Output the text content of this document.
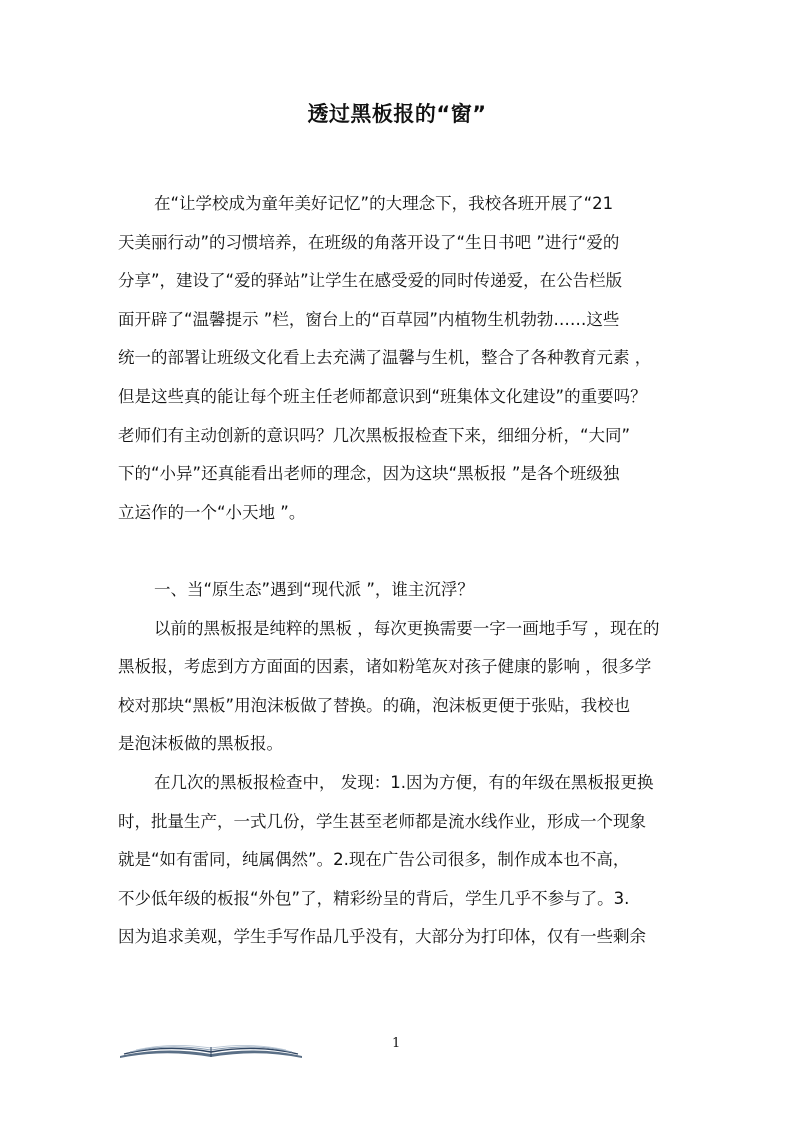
透过黑板报的“窗”
在“让学校成为童年美好记忆”的大理念下，我校各班开展了“21
天美丽行动”的习惯培养，在班级的角落开设了“生日书吧 ”进行“爱的
分享”，建设了“爱的驿站”让学生在感受爱的同时传递爱，在公告栏版
面开辟了“温馨提示 ”栏，窗台上的“百草园”内植物生机勃勃……这些
统一的部署让班级文化看上去充满了温馨与生机，整合了各种教育元素 ，
但是这些真的能让每个班主任老师都意识到“班集体文化建设”的重要吗？
老师们有主动创新的意识吗？几次黑板报检查下来，细细分析，“大同”
下的“小异”还真能看出老师的理念，因为这块“黑板报 ”是各个班级独
立运作的一个“小天地 ”。
一、当“原生态”遇到“现代派 ”，谁主沉浮？
以前的黑板报是纯粹的黑板 ，每次更换需要一字一画地手写 ，现在的
黑板报，考虑到方方面面的因素，诸如粉笔灰对孩子健康的影响 ，很多学
校对那块“黑板”用泡沫板做了替换。的确，泡沫板更便于张贴，我校也
是泡沫板做的黑板报。
在几次的黑板报检查中， 发现：1.因为方便，有的年级在黑板报更换
时，批量生产，一式几份，学生甚至老师都是流水线作业，形成一个现象
就是“如有雷同，纯属偶然”。2.现在广告公司很多，制作成本也不高，
不少低年级的板报“外包”了，精彩纷呈的背后，学生几乎不参与了。3.
因为追求美观，学生手写作品几乎没有，大部分为打印体，仅有一些剩余
1
